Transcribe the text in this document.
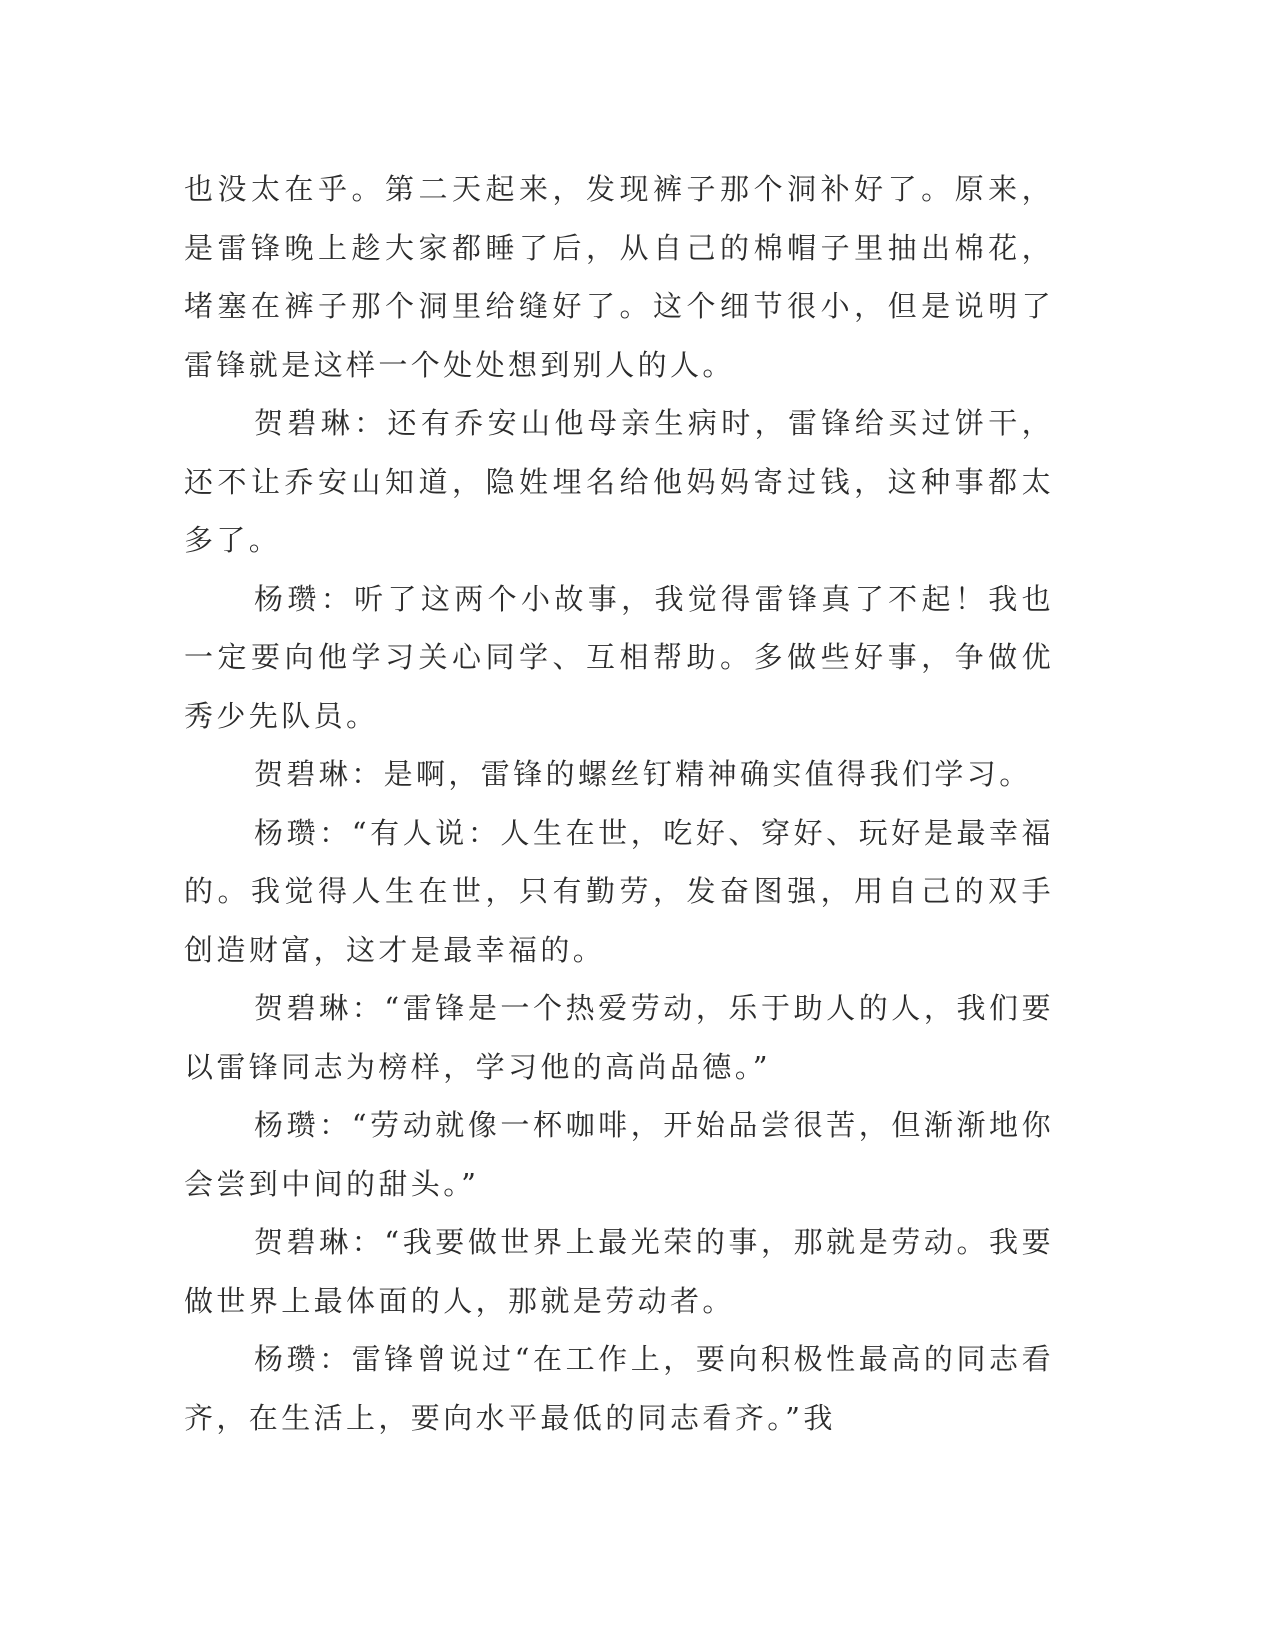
也没太在乎。第二天起来，发现裤子那个洞补好了。原来，是雷锋晚上趁大家都睡了后，从自己的棉帽子里抽出棉花，堵塞在裤子那个洞里给缝好了。这个细节很小，但是说明了雷锋就是这样一个处处想到别人的人。

贺碧琳：还有乔安山他母亲生病时，雷锋给买过饼干，还不让乔安山知道，隐姓埋名给他妈妈寄过钱，这种事都太多了。

杨瓒：听了这两个小故事，我觉得雷锋真了不起！我也一定要向他学习关心同学、互相帮助。多做些好事，争做优秀少先队员。

贺碧琳：是啊，雷锋的螺丝钉精神确实值得我们学习。

杨瓒：“有人说：人生在世，吃好、穿好、玩好是最幸福的。我觉得人生在世，只有勤劳，发奋图强，用自己的双手创造财富，这才是最幸福的。

贺碧琳：“雷锋是一个热爱劳动，乐于助人的人，我们要以雷锋同志为榜样，学习他的高尚品德。”

杨瓒：“劳动就像一杯咖啡，开始品尝很苦，但渐渐地你会尝到中间的甜头。”

贺碧琳：“我要做世界上最光荣的事，那就是劳动。我要做世界上最体面的人，那就是劳动者。

杨瓒：雷锋曾说过“在工作上，要向积极性最高的同志看齐，在生活上，要向水平最低的同志看齐。”我
